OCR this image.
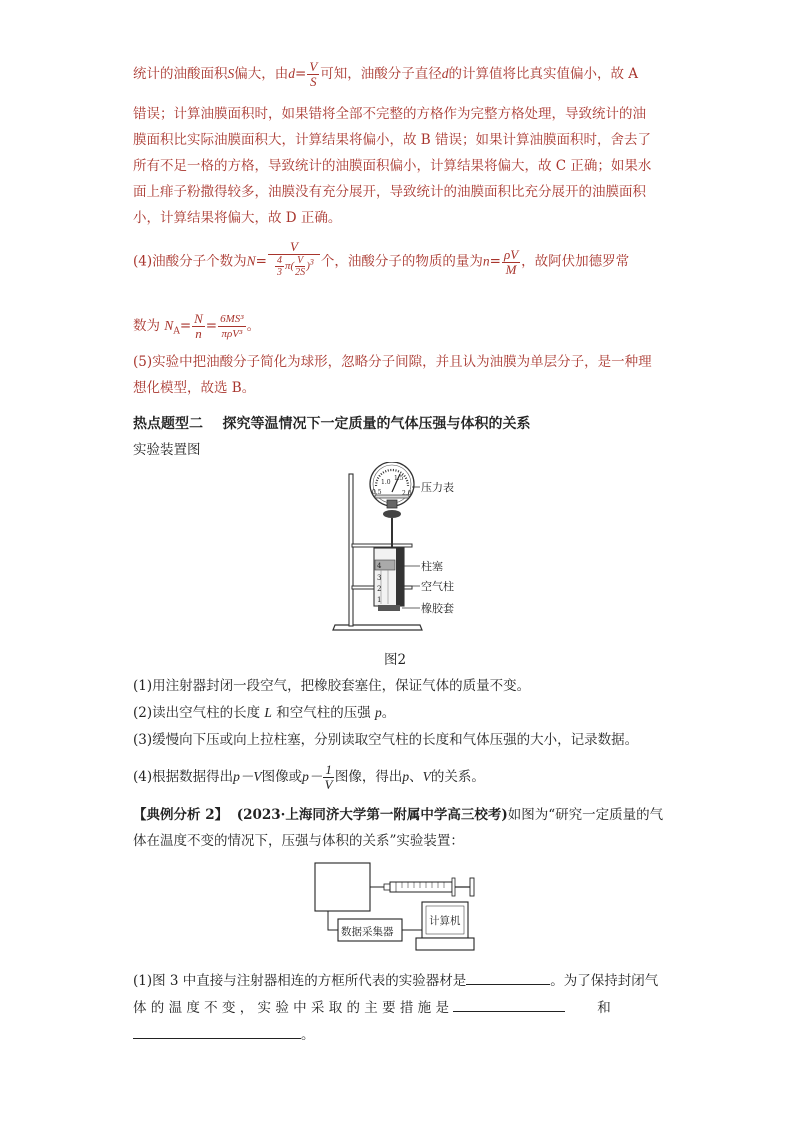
统计的油酸面积S偏大，由$d= \frac{V}{S}$ 可知，油酸分子直径d的计算值将比真实值偏小，故 A
错误；计算油膜面积时，如果错将全部不完整的方格作为完整方格处理，导致统计的油
膜面积比实际油膜面积大，计算结果将偏小，故 B 错误；如果计算油膜面积时，舍去了
所有不足一格的方格，导致统计的油膜面积偏小，计算结果将偏大，故 C 正确；如果水
面上痱子粉撒得较多，油膜没有充分展开，导致统计的油膜面积比充分展开的油膜面积
小，计算结果将偏大，故 D 正确。
(4)油酸分子个数为$N= \frac{V}{\frac{4}{3} \pi( \frac{V}{2S} )^3}$ 个，油酸分子的物质的量为$n= \frac{\rho V}{M}$ ，故阿伏加德罗常
数为 $N_A= \frac{N}{n} = \frac{\text{6MS³}}{\text{πρV³}}$ 。
(5)实验中把油酸分子简化为球形，忽略分子间隙，并且认为油膜为单层分子，是一种理
想化模型，故选 B。
热点题型二 探究等温情况下一定质量的气体压强与体积的关系
实验装置图
0.5
1.0
1.5
2.0
4
3
2
1
压力表
柱塞
空气柱
橡胶套
图2
(1)用注射器封闭一段空气，把橡胶套塞住，保证气体的质量不变。
(2)读出空气柱的长度 L 和空气柱的压强 p。
(3)缓慢向下压或向上拉柱塞，分别读取空气柱的长度和气体压强的大小，记录数据。
(4)根据数据得出p－V图像或$p- \frac{1}{V}$ 图像，得出p、V的关系。
【典例分析 2】 (2023·上海同济大学第一附属中学高三校考)如图为“研究一定质量的气
体在温度不变的情况下，压强与体积的关系”实验装置：
数据采集器
计算机
(1)图 3 中直接与注射器相连的方框所代表的实验器材是	。为了保持封闭气
体 的 温 度 不 变 ， 实 验 中 采 取 的 主 要 措 施 是	和
。
